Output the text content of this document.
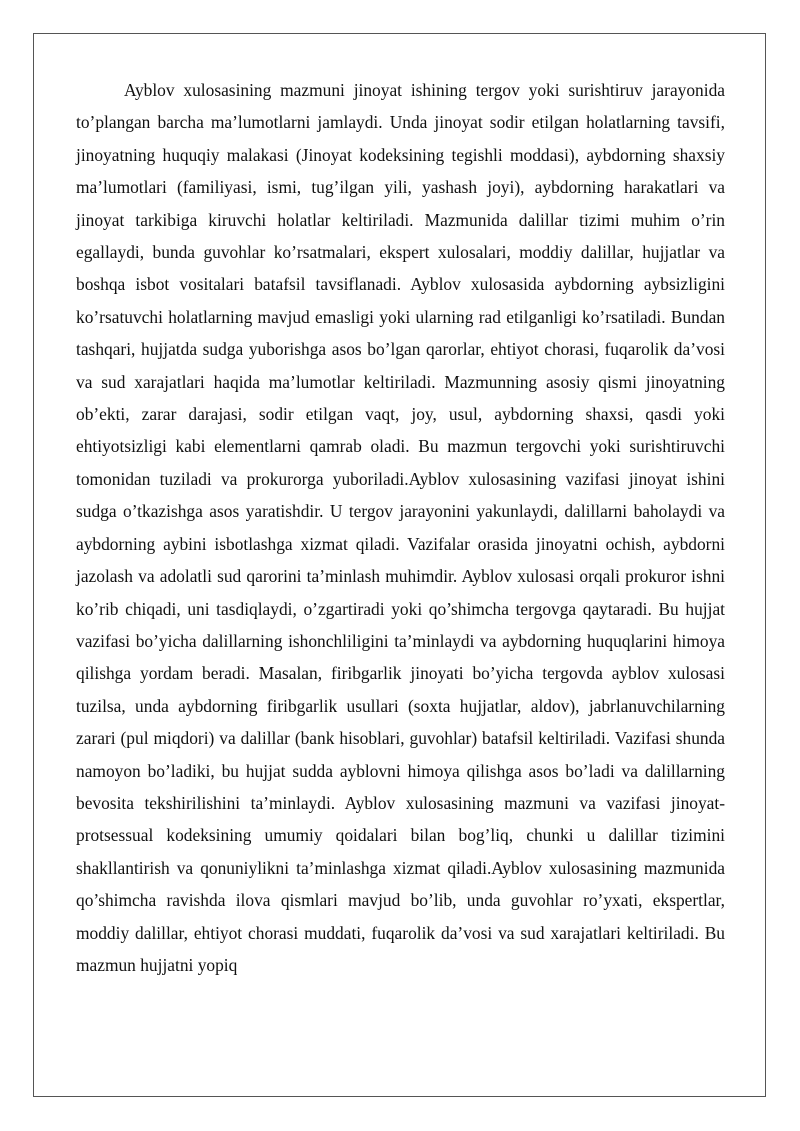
Ayblov xulosasining mazmuni jinoyat ishining tergov yoki surishtiruv jarayonida to’plangan barcha ma’lumotlarni jamlaydi. Unda jinoyat sodir etilgan holatlarning tavsifi, jinoyatning huquqiy malakasi (Jinoyat kodeksining tegishli moddasi), aybdorning shaxsiy ma’lumotlari (familiyasi, ismi, tug’ilgan yili, yashash joyi), aybdorning harakatlari va jinoyat tarkibiga kiruvchi holatlar keltiriladi. Mazmunida dalillar tizimi muhim o’rin egallaydi, bunda guvohlar ko’rsatmalari, ekspert xulosalari, moddiy dalillar, hujjatlar va boshqa isbot vositalari batafsil tavsiflanadi. Ayblov xulosasida aybdorning aybsizligini ko’rsatuvchi holatlarning mavjud emasligi yoki ularning rad etilganligi ko’rsatiladi. Bundan tashqari, hujjatda sudga yuborishga asos bo’lgan qarorlar, ehtiyot chorasi, fuqarolik da’vosi va sud xarajatlari haqida ma’lumotlar keltiriladi. Mazmunning asosiy qismi jinoyatning ob’ekti, zarar darajasi, sodir etilgan vaqt, joy, usul, aybdorning shaxsi, qasdi yoki ehtiyotsizligi kabi elementlarni qamrab oladi. Bu mazmun tergovchi yoki surishtiruvchi tomonidan tuziladi va prokurorga yuboriladi.Ayblov xulosasining vazifasi jinoyat ishini sudga o’tkazishga asos yaratishdir. U tergov jarayonini yakunlaydi, dalillarni baholaydi va aybdorning aybini isbotlashga xizmat qiladi. Vazifalar orasida jinoyatni ochish, aybdorni jazolash va adolatli sud qarorini ta’minlash muhimdir. Ayblov xulosasi orqali prokuror ishni ko’rib chiqadi, uni tasdiqlaydi, o’zgartiradi yoki qo’shimcha tergovga qaytaradi. Bu hujjat vazifasi bo’yicha dalillarning ishonchliligini ta’minlaydi va aybdorning huquqlarini himoya qilishga yordam beradi. Masalan, firibgarlik jinoyati bo’yicha tergovda ayblov xulosasi tuzilsa, unda aybdorning firibgarlik usullari (soxta hujjatlar, aldov), jabrlanuvchilarning zarari (pul miqdori) va dalillar (bank hisoblari, guvohlar) batafsil keltiriladi. Vazifasi shunda namoyon bo’ladiki, bu hujjat sudda ayblovni himoya qilishga asos bo’ladi va dalillarning bevosita tekshirilishini ta’minlaydi. Ayblov xulosasining mazmuni va vazifasi jinoyat-protsessual kodeksining umumiy qoidalari bilan bog’liq, chunki u dalillar tizimini shakllantirish va qonuniylikni ta’minlashga xizmat qiladi.Ayblov xulosasining mazmunida qo’shimcha ravishda ilova qismlari mavjud bo’lib, unda guvohlar ro’yxati, ekspertlar, moddiy dalillar, ehtiyot chorasi muddati, fuqarolik da’vosi va sud xarajatlari keltiriladi. Bu mazmun hujjatni yopiq
